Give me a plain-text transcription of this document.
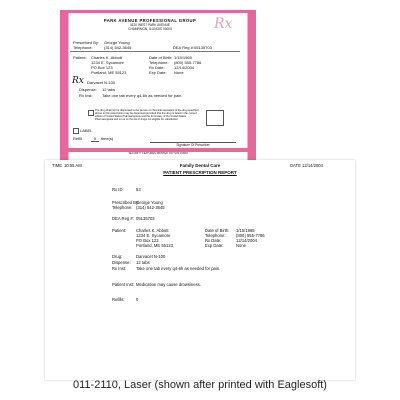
PARK AVENUE PROFESSIONAL GROUP
4120 WEST PARK AVENUE
CHAMPAIGN, ILLINOIS 00000	Rx
Prescribed By: George Young
Telephone:	(314) 542-3645	DEA Reg #: 05135703
Patient: Charles K. Abbott
1234 E. Sycamore
PO Box 123
Portland, ME 55123
Date of Birth: 1/15/1965
Telephone: (800) 555-7786
Rx Date: 12/14/2004
Exp Date: None
Rx Darvacet N-100
Dispense: 12 tabs
Rx Inst: Take one tab every q4-6h as needed for pain.
The drug shall not be dispensed to the person or chemical equivalent of the drug specified above in this prescription may be dispensed provided that the drug is listed in the current edition of United States Pharmacopoeia and the Formulary of the United States Pharmacopoeia and is not on the list of drugs not eligible for substitution.
LABEL
Refill	0	time(s)
Signature Of Prescriber
SECURITY FEATURES PRINTED ON THIS FORM
TIME 10:55 AM	Family Dental Care	DATE 12/14/2004
PATIENT PRESCRIPTION REPORT
Rx ID:	53
Prescribed By:
George Young
Telephone: (314) 542-3645
DEA Reg #: 05135703
Patient: Charles K. Abbott
1234 E. Sycamore
PO Box 123
Portland, ME 55123
Date of Birth: 1/15/1965
Telephone:	(800) 555-7786
Rx Date:	12/14/2004
Exp Date:	None
Drug:	Darvacet N-100
Dispense: 12 tabs
Rx Inst: Take one tab every q4-6h as needed for pain.
Patient Inst: Medication may cause drowsiness.
Refills:	0
011-2110, Laser (shown after printed with Eaglesoft)
